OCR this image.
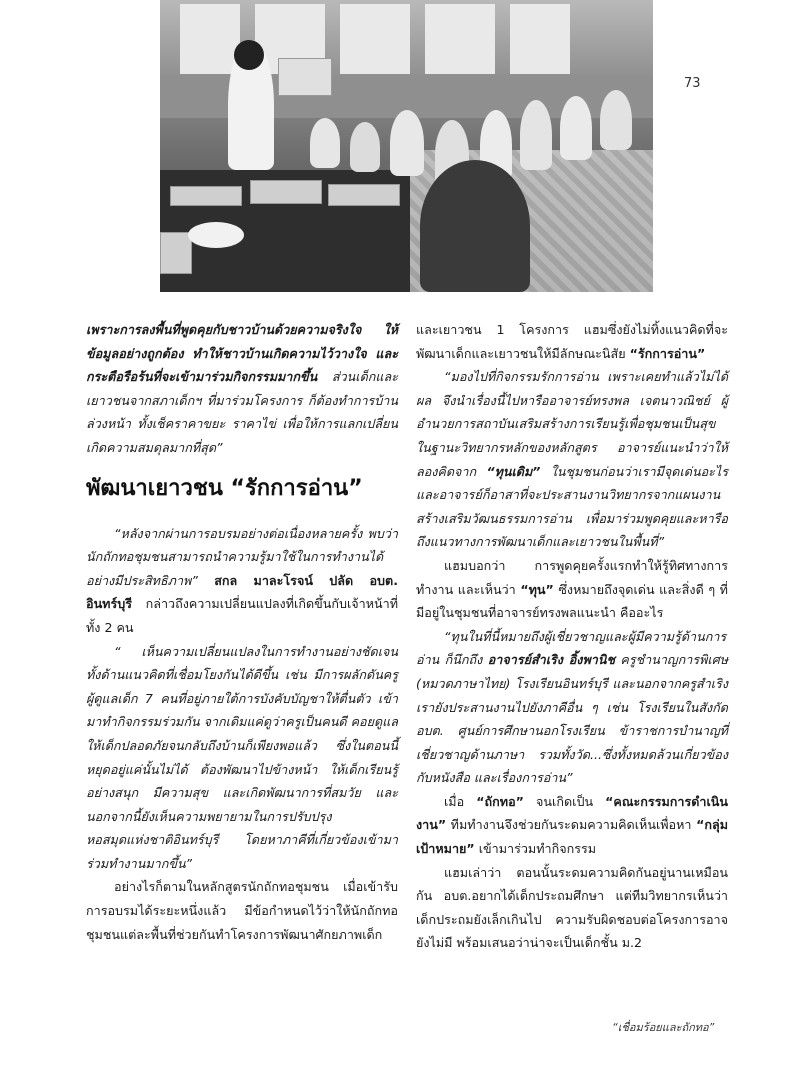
73

เพราะการลงพื้นที่พูดคุยกับชาวบ้านด้วยความจริงใจ ให้ข้อมูลอย่างถูกต้อง ทำให้ชาวบ้านเกิดความไว้วางใจ และกระตือรือร้นที่จะเข้ามาร่วมกิจกรรมมากขึ้น ส่วนเด็กและเยาวชนจากสภาเด็กฯ ที่มาร่วมโครงการ ก็ต้องทำการบ้านล่วงหน้า ทั้งเช็คราคาขยะ ราคาไข่ เพื่อให้การแลกเปลี่ยนเกิดความสมดุลมากที่สุด”

พัฒนาเยาวชน “รักการอ่าน”

“หลังจากผ่านการอบรมอย่างต่อเนื่องหลายครั้ง พบว่า นักถักทอชุมชนสามารถนำความรู้มาใช้ในการทำงานได้อย่างมีประสิทธิภาพ” สกล มาละโรจน์ ปลัด อบต. อินทร์บุรี กล่าวถึงความเปลี่ยนแปลงที่เกิดขึ้นกับเจ้าหน้าที่ทั้ง 2 คน

“ เห็นความเปลี่ยนแปลงในการทำงานอย่างชัดเจน ทั้งด้านแนวคิดที่เชื่อมโยงกันได้ดีขึ้น เช่น มีการผลักดันครูผู้ดูแลเด็ก 7 คนที่อยู่ภายใต้การบังคับบัญชาให้ตื่นตัว เข้ามาทำกิจกรรมร่วมกัน จากเดิมแค่ดูว่าครูเป็นคนดี คอยดูแลให้เด็กปลอดภัยจนกลับถึงบ้านก็เพียงพอแล้ว ซึ่งในตอนนี้หยุดอยู่แค่นั้นไม่ได้ ต้องพัฒนาไปข้างหน้า ให้เด็กเรียนรู้อย่างสนุก มีความสุข และเกิดพัฒนาการที่สมวัย และนอกจากนี้ยังเห็นความพยายามในการปรับปรุงหอสมุดแห่งชาติอินทร์บุรี โดยหาภาคีที่เกี่ยวข้องเข้ามาร่วมทำงานมากขึ้น”

อย่างไรก็ตามในหลักสูตรนักถักทอชุมชน เมื่อเข้ารับการอบรมได้ระยะหนึ่งแล้ว มีข้อกำหนดไว้ว่าให้นักถักทอชุมชนแต่ละพื้นที่ช่วยกันทำโครงการพัฒนาศักยภาพเด็ก

และเยาวชน 1 โครงการ แฮมซึ่งยังไม่ทิ้งแนวคิดที่จะพัฒนาเด็กและเยาวชนให้มีลักษณะนิสัย “รักการอ่าน”

“มองไปที่กิจกรรมรักการอ่าน เพราะเคยทำแล้วไม่ได้ผล จึงนำเรื่องนี้ไปหารืออาจารย์ทรงพล เจตนาวณิชย์ ผู้อำนวยการสถาบันเสริมสร้างการเรียนรู้เพื่อชุมชนเป็นสุข ในฐานะวิทยากรหลักของหลักสูตร อาจารย์แนะนำว่าให้ลองคิดจาก “ทุนเดิม” ในชุมชนก่อนว่าเรามีจุดเด่นอะไร และอาจารย์ก็อาสาที่จะประสานงานวิทยากรจากแผนงานสร้างเสริมวัฒนธรรมการอ่าน เพื่อมาร่วมพูดคุยและหารือถึงแนวทางการพัฒนาเด็กและเยาวชนในพื้นที่”

แฮมบอกว่า การพูดคุยครั้งแรกทำให้รู้ทิศทางการทำงาน และเห็นว่า “ทุน” ซึ่งหมายถึงจุดเด่น และสิ่งดี ๆ ที่มีอยู่ในชุมชนที่อาจารย์ทรงพลแนะนำ คืออะไร

“ทุนในที่นี้หมายถึงผู้เชี่ยวชาญและผู้มีความรู้ด้านการอ่าน ก็นึกถึง อาจารย์สำเริง อิ้งพานิช ครูชำนาญการพิเศษ (หมวดภาษาไทย) โรงเรียนอินทร์บุรี และนอกจากครูสำเริง เรายังประสานงานไปยังภาคีอื่น ๆ เช่น โรงเรียนในสังกัด อบต. ศูนย์การศึกษานอกโรงเรียน ข้าราชการบำนาญที่เชี่ยวชาญด้านภาษา รวมทั้งวัด...ซึ่งทั้งหมดล้วนเกี่ยวข้องกับหนังสือ และเรื่องการอ่าน”

เมื่อ “ถักทอ” จนเกิดเป็น “คณะกรรมการดำเนินงาน” ทีมทำงานจึงช่วยกันระดมความคิดเห็นเพื่อหา “กลุ่มเป้าหมาย” เข้ามาร่วมทำกิจกรรม

แฮมเล่าว่า ตอนนั้นระดมความคิดกันอยู่นานเหมือนกัน อบต.อยากได้เด็กประถมศึกษา แต่ทีมวิทยากรเห็นว่าเด็กประถมยังเล็กเกินไป ความรับผิดชอบต่อโครงการอาจยังไม่มี พร้อมเสนอว่าน่าจะเป็นเด็กชั้น ม.2

“เชื่อมร้อยและถักทอ”
